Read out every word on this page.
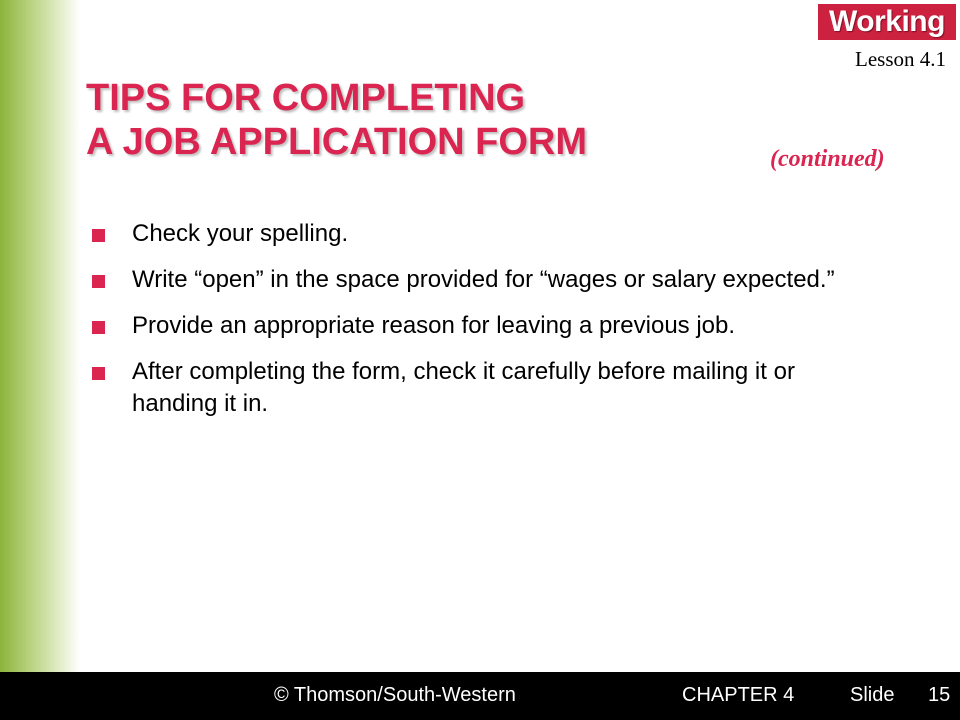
Working
Lesson 4.1
TIPS FOR COMPLETING
A JOB APPLICATION FORM	(continued)
Check your spelling.
Write “open” in the space provided for “wages or salary expected.”
Provide an appropriate reason for leaving a previous job.
After completing the form, check it carefully before mailing it or handing it in.
© Thomson/South-Western	CHAPTER 4	Slide 15
